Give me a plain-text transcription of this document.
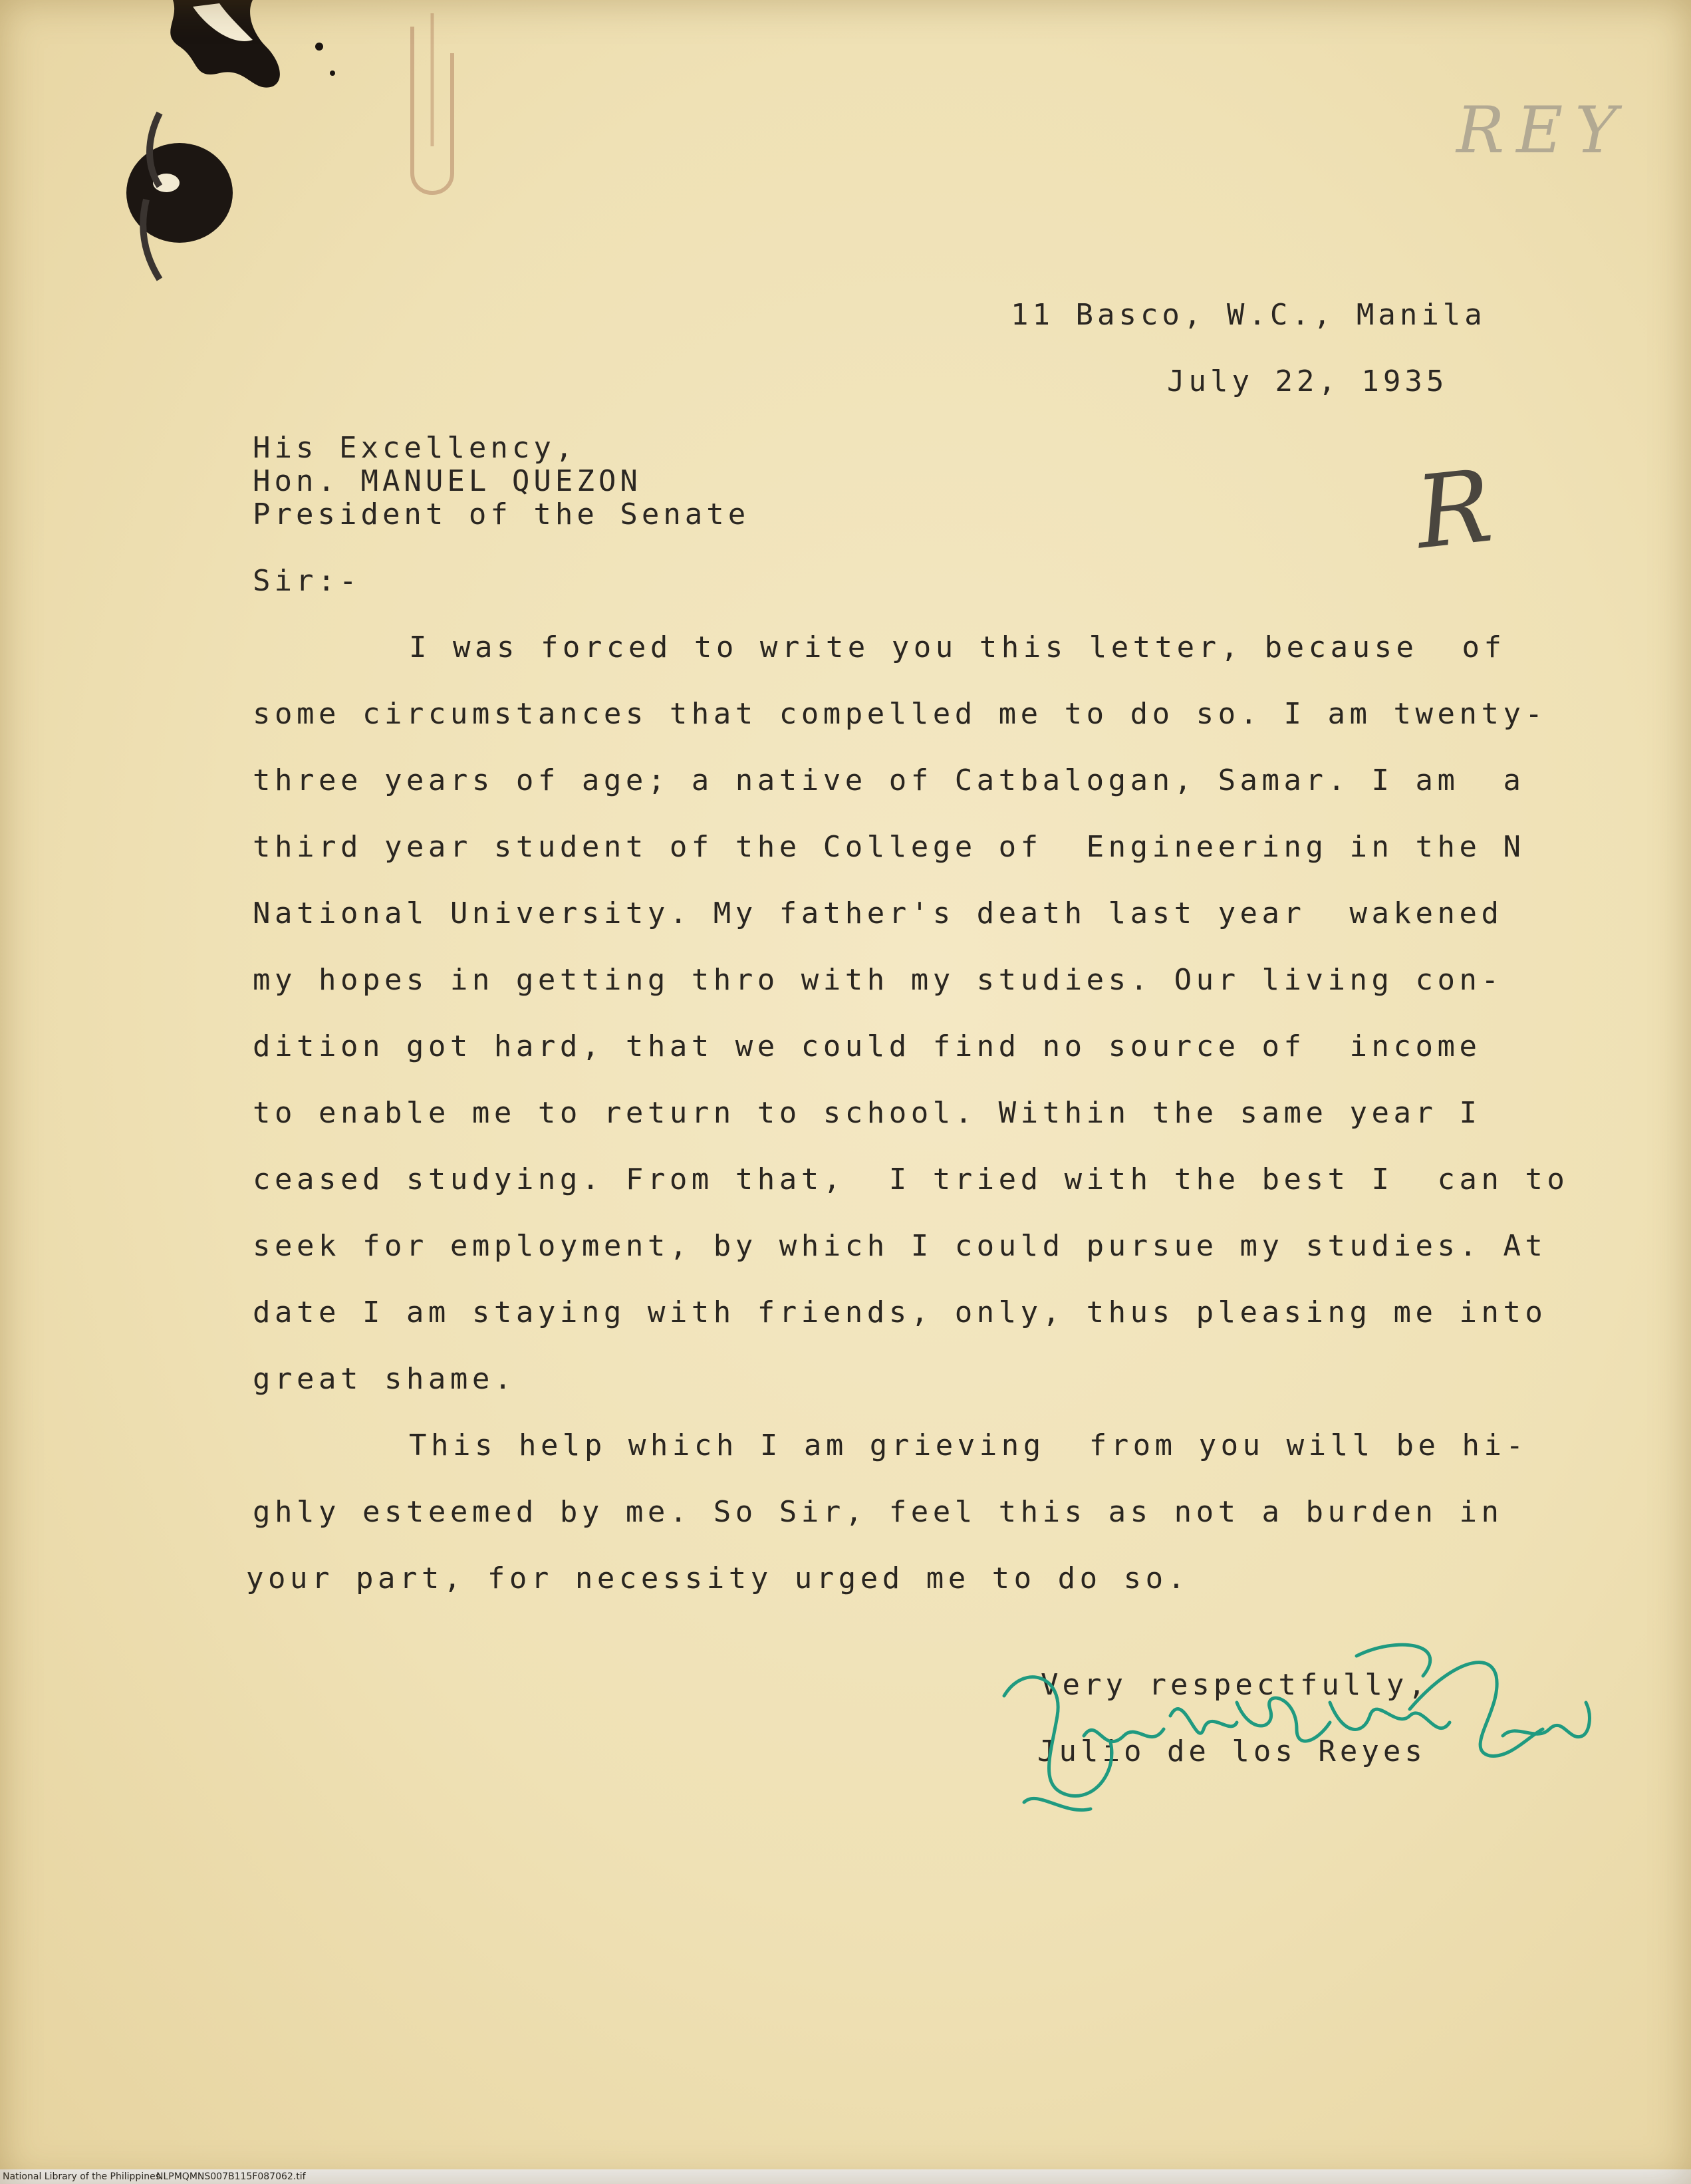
REY
R
11 Basco, W.C., Manila
July 22, 1935
His Excellency,
Hon. MANUEL QUEZON
President of the Senate
Sir:-
I was forced to write you this letter, because  of
some circumstances that compelled me to do so. I am twenty-
three years of age; a native of Catbalogan, Samar. I am  a
third year student of the College of  Engineering in the N
National University. My father's death last year  wakened
my hopes in getting thro with my studies. Our living con-
dition got hard, that we could find no source of  income
to enable me to return to school. Within the same year I
ceased studying. From that,  I tried with the best I  can to
seek for employment, by which I could pursue my studies. At
date I am staying with friends, only, thus pleasing me into
great shame.
This help which I am grieving  from you will be hi-
ghly esteemed by me. So Sir, feel this as not a burden in
your part, for necessity urged me to do so.
Very respectfully,
Julio de los Reyes
National Library of the Philippines
NLPMQMNS007B115F087062.tif
